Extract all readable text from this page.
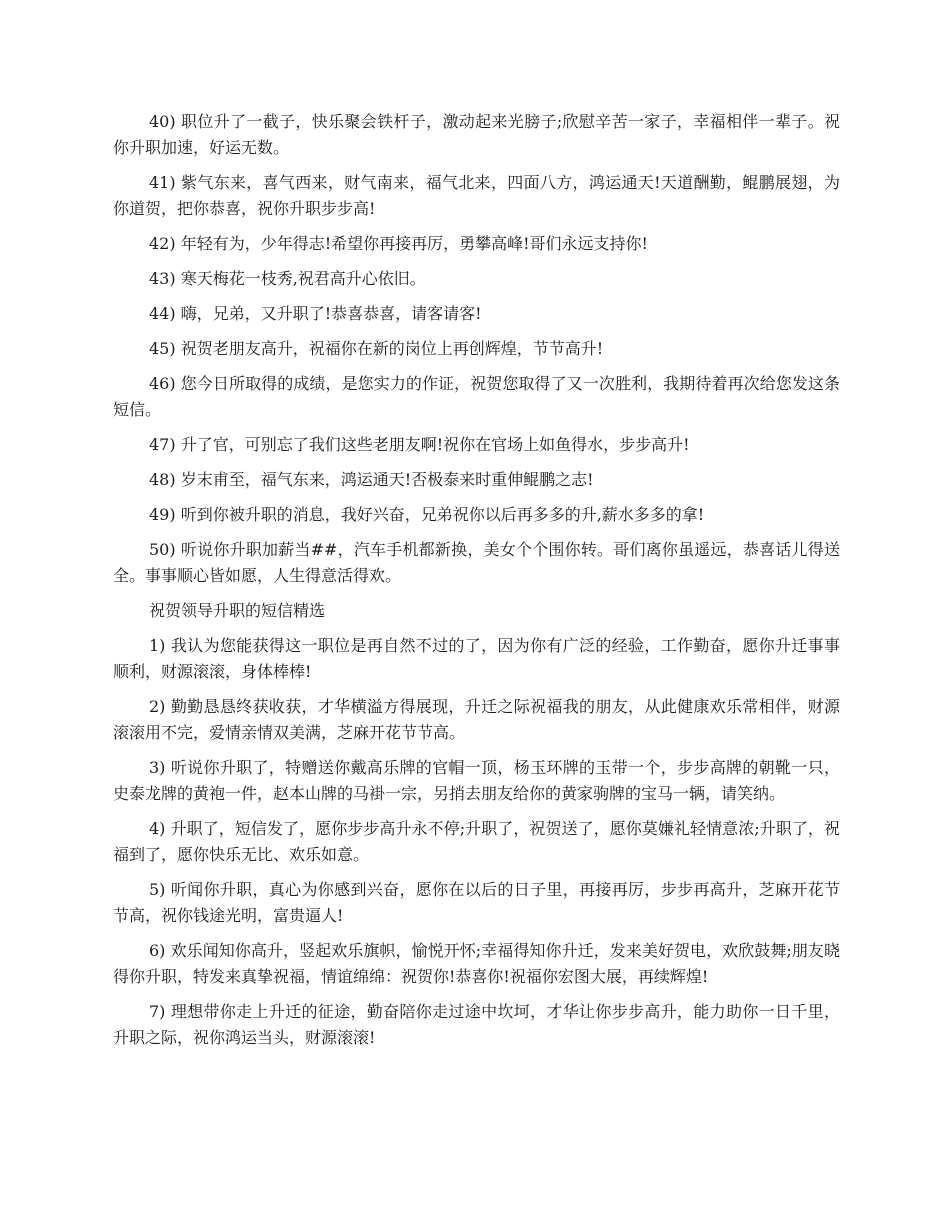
40) 职位升了一截子，快乐聚会铁杆子，激动起来光膀子;欣慰辛苦一家子，幸福相伴一辈子。祝你升职加速，好运无数。

41) 紫气东来，喜气西来，财气南来，福气北来，四面八方，鸿运通天!天道酬勤，鲲鹏展翅，为你道贺，把你恭喜，祝你升职步步高!

42) 年轻有为，少年得志!希望你再接再厉，勇攀高峰!哥们永远支持你!

43) 寒天梅花一枝秀,祝君高升心依旧。

44) 嗨，兄弟，又升职了!恭喜恭喜，请客请客!

45) 祝贺老朋友高升，祝福你在新的岗位上再创辉煌，节节高升!

46) 您今日所取得的成绩，是您实力的作证，祝贺您取得了又一次胜利，我期待着再次给您发这条短信。

47) 升了官，可别忘了我们这些老朋友啊!祝你在官场上如鱼得水，步步高升!

48) 岁末甫至，福气东来，鸿运通天!否极泰来时重伸鲲鹏之志!

49) 听到你被升职的消息，我好兴奋，兄弟祝你以后再多多的升,薪水多多的拿!

50) 听说你升职加薪当##，汽车手机都新换，美女个个围你转。哥们离你虽遥远，恭喜话儿得送全。事事顺心皆如愿，人生得意活得欢。

祝贺领导升职的短信精选

1) 我认为您能获得这一职位是再自然不过的了，因为你有广泛的经验，工作勤奋，愿你升迁事事顺利，财源滚滚，身体棒棒!

2) 勤勤恳恳终获收获，才华横溢方得展现，升迁之际祝福我的朋友，从此健康欢乐常相伴，财源滚滚用不完，爱情亲情双美满，芝麻开花节节高。

3) 听说你升职了，特赠送你戴高乐牌的官帽一顶，杨玉环牌的玉带一个，步步高牌的朝靴一只，史泰龙牌的黄袍一件，赵本山牌的马褂一宗，另捎去朋友给你的黄家驹牌的宝马一辆，请笑纳。

4) 升职了，短信发了，愿你步步高升永不停;升职了，祝贺送了，愿你莫嫌礼轻情意浓;升职了，祝福到了，愿你快乐无比、欢乐如意。

5) 听闻你升职，真心为你感到兴奋，愿你在以后的日子里，再接再厉，步步再高升，芝麻开花节节高，祝你钱途光明，富贵逼人!

6) 欢乐闻知你高升，竖起欢乐旗帜，愉悦开怀;幸福得知你升迁，发来美好贺电，欢欣鼓舞;朋友晓得你升职，特发来真挚祝福，情谊绵绵：祝贺你!恭喜你!祝福你宏图大展，再续辉煌!

7) 理想带你走上升迁的征途，勤奋陪你走过途中坎坷，才华让你步步高升，能力助你一日千里，升职之际，祝你鸿运当头，财源滚滚!
